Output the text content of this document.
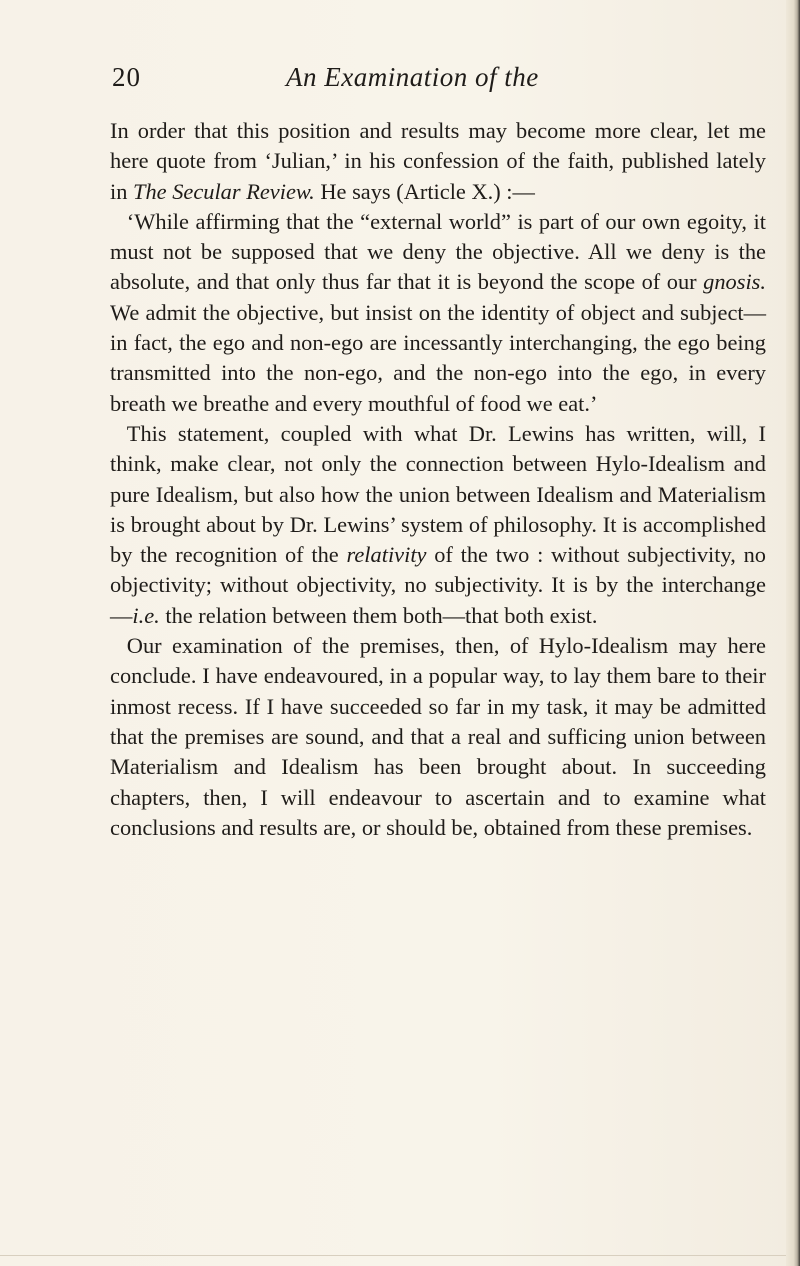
20	An Examination of the

In order that this position and results may become more clear, let me here quote from ‘Julian,’ in his confession of the faith, published lately in The Secular Review. He says (Article X.) :—

‘While affirming that the “external world” is part of our own egoity, it must not be supposed that we deny the objective. All we deny is the absolute, and that only thus far that it is beyond the scope of our gnosis. We admit the objective, but insist on the identity of object and subject—in fact, the ego and non-ego are incessantly interchanging, the ego being transmitted into the non-ego, and the non-ego into the ego, in every breath we breathe and every mouthful of food we eat.’

This statement, coupled with what Dr. Lewins has written, will, I think, make clear, not only the connection between Hylo-Idealism and pure Idealism, but also how the union between Idealism and Materialism is brought about by Dr. Lewins’ system of philosophy. It is accomplished by the recognition of the relativity of the two : without subjectivity, no objectivity; without objectivity, no subjectivity. It is by the interchange—i.e. the relation between them both—that both exist.

Our examination of the premises, then, of Hylo-Idealism may here conclude. I have endeavoured, in a popular way, to lay them bare to their inmost recess. If I have succeeded so far in my task, it may be admitted that the premises are sound, and that a real and sufficing union between Materialism and Idealism has been brought about. In succeeding chapters, then, I will endeavour to ascertain and to examine what conclusions and results are, or should be, obtained from these premises.
